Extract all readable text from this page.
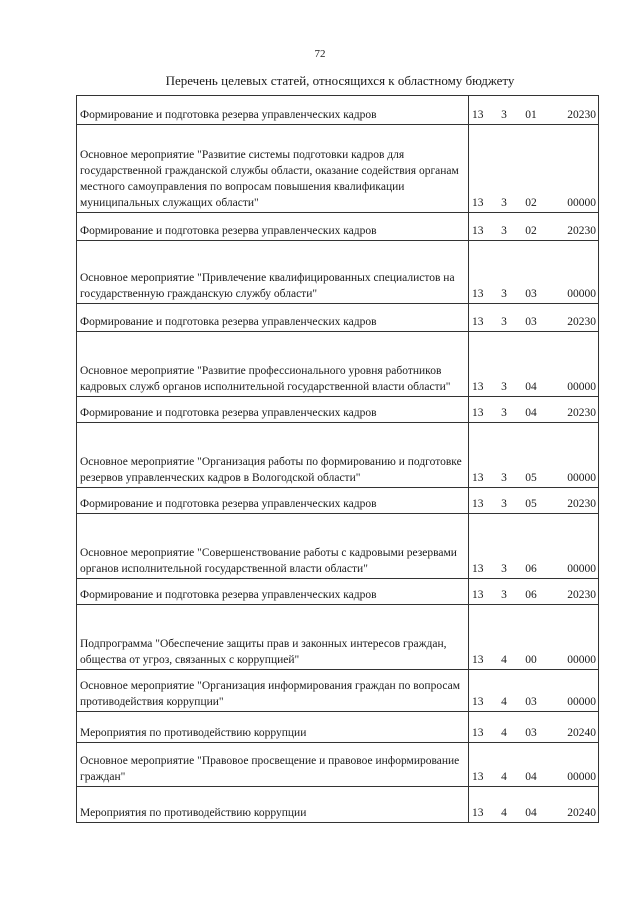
72
Перечень целевых статей, относящихся к областному бюджету
Формирование и подготовка резерва управленческих кадров	13	3	01	20230
Основное мероприятие "Развитие системы подготовки кадров для государственной гражданской службы области, оказание содействия органам местного самоуправления по вопросам повышения квалификации муниципальных служащих области"	13	3	02	00000
Формирование и подготовка резерва управленческих кадров	13	3	02	20230
Основное мероприятие "Привлечение квалифицированных специалистов на государственную гражданскую службу области"	13	3	03	00000
Формирование и подготовка резерва управленческих кадров	13	3	03	20230
Основное мероприятие "Развитие профессионального уровня работников кадровых служб органов исполнительной государственной власти области"	13	3	04	00000
Формирование и подготовка резерва управленческих кадров	13	3	04	20230
Основное мероприятие "Организация работы по формированию и подготовке резервов управленческих кадров в Вологодской области"	13	3	05	00000
Формирование и подготовка резерва управленческих кадров	13	3	05	20230
Основное мероприятие "Совершенствование работы с кадровыми резервами органов исполнительной государственной власти области"	13	3	06	00000
Формирование и подготовка резерва управленческих кадров	13	3	06	20230
Подпрограмма "Обеспечение защиты прав и законных интересов граждан, общества от угроз, связанных с коррупцией"	13	4	00	00000
Основное мероприятие "Организация информирования граждан по вопросам противодействия коррупции"	13	4	03	00000
Мероприятия по противодействию коррупции	13	4	03	20240
Основное мероприятие "Правовое просвещение и правовое информирование граждан"	13	4	04	00000
Мероприятия по противодействию коррупции	13	4	04	20240
